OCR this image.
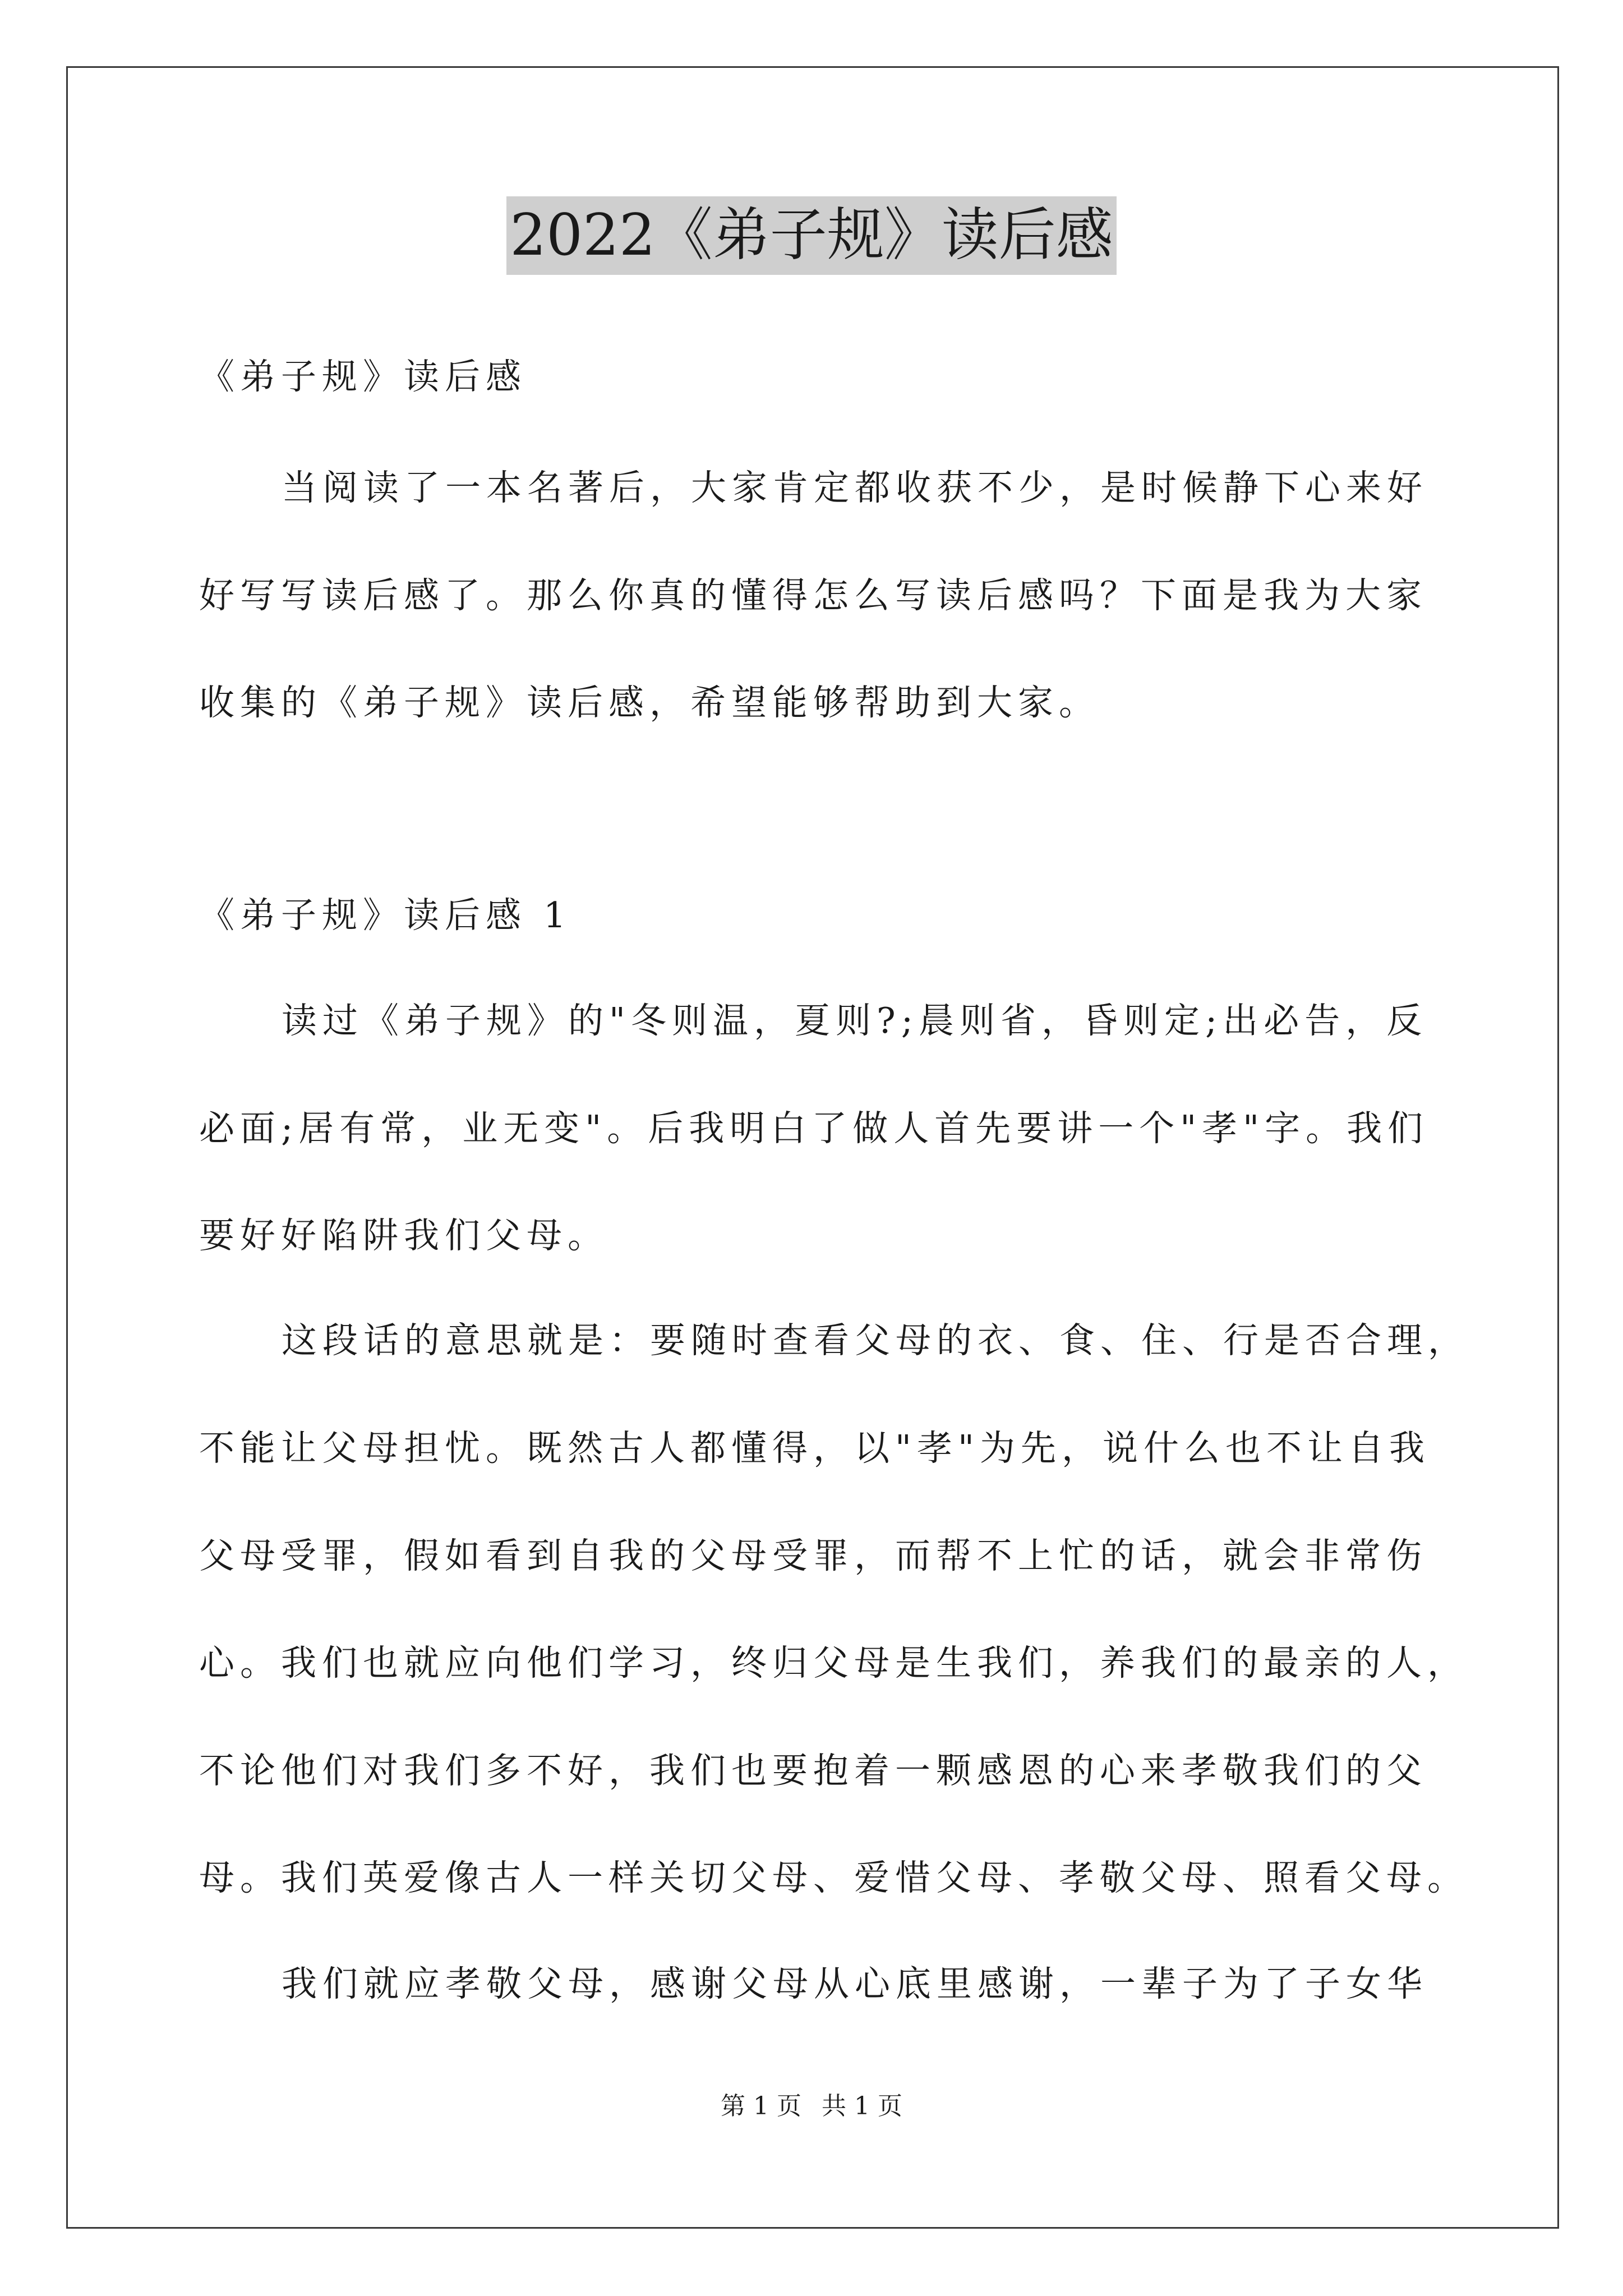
2022《弟子规》读后感
《弟子规》读后感
当阅读了一本名著后，大家肯定都收获不少，是时候静下心来好
好写写读后感了。那么你真的懂得怎么写读后感吗？下面是我为大家
收集的《弟子规》读后感，希望能够帮助到大家。
《弟子规》读后感 1
读过《弟子规》的"冬则温，夏则?;晨则省，昏则定;出必告，反
必面;居有常，业无变"。后我明白了做人首先要讲一个"孝"字。我们
要好好陷阱我们父母。
这段话的意思就是：要随时查看父母的衣、食、住、行是否合理，
不能让父母担忧。既然古人都懂得，以"孝"为先，说什么也不让自我
父母受罪，假如看到自我的父母受罪，而帮不上忙的话，就会非常伤
心。我们也就应向他们学习，终归父母是生我们，养我们的最亲的人，
不论他们对我们多不好，我们也要抱着一颗感恩的心来孝敬我们的父
母。我们英爱像古人一样关切父母、爱惜父母、孝敬父母、照看父母。
我们就应孝敬父母，感谢父母从心底里感谢，一辈子为了子女华
第 1 页 共 1 页
